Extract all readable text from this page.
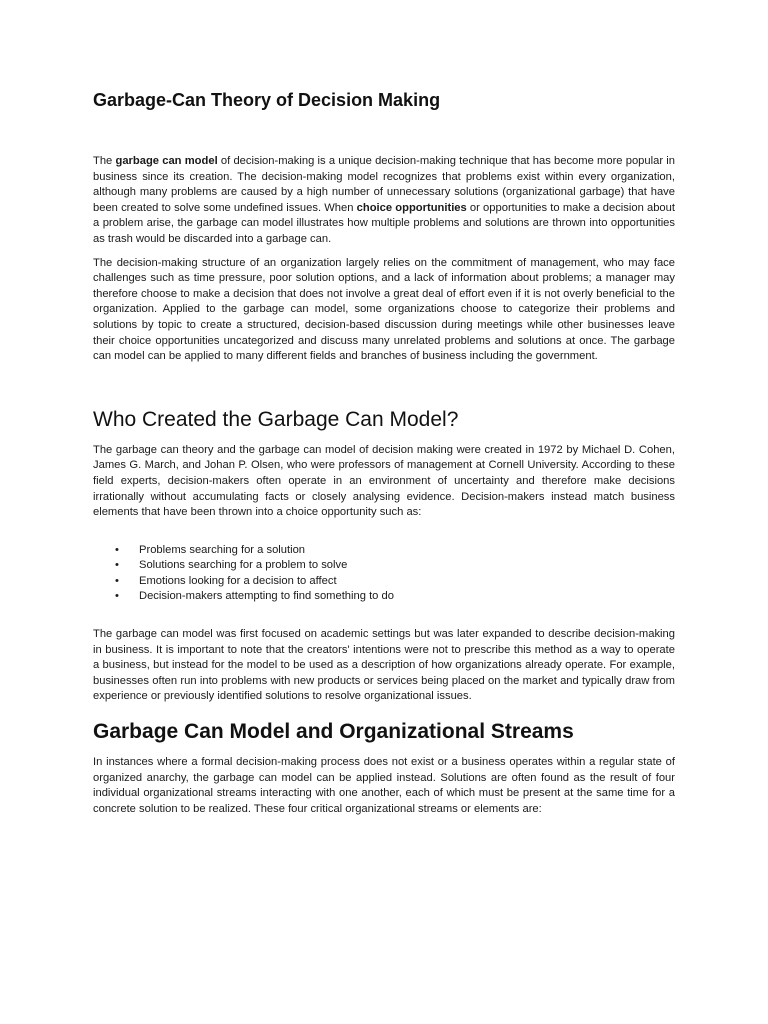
Garbage-Can Theory of Decision Making

The garbage can model of decision-making is a unique decision-making technique that has become more popular in business since its creation. The decision-making model recognizes that problems exist within every organization, although many problems are caused by a high number of unnecessary solutions (organizational garbage) that have been created to solve some undefined issues. When choice opportunities or opportunities to make a decision about a problem arise, the garbage can model illustrates how multiple problems and solutions are thrown into opportunities as trash would be discarded into a garbage can.

The decision-making structure of an organization largely relies on the commitment of management, who may face challenges such as time pressure, poor solution options, and a lack of information about problems; a manager may therefore choose to make a decision that does not involve a great deal of effort even if it is not overly beneficial to the organization. Applied to the garbage can model, some organizations choose to categorize their problems and solutions by topic to create a structured, decision-based discussion during meetings while other businesses leave their choice opportunities uncategorized and discuss many unrelated problems and solutions at once. The garbage can model can be applied to many different fields and branches of business including the government.

Who Created the Garbage Can Model?

The garbage can theory and the garbage can model of decision making were created in 1972 by Michael D. Cohen, James G. March, and Johan P. Olsen, who were professors of management at Cornell University. According to these field experts, decision-makers often operate in an environment of uncertainty and therefore make decisions irrationally without accumulating facts or closely analysing evidence. Decision-makers instead match business elements that have been thrown into a choice opportunity such as:

• Problems searching for a solution
• Solutions searching for a problem to solve
• Emotions looking for a decision to affect
• Decision-makers attempting to find something to do

The garbage can model was first focused on academic settings but was later expanded to describe decision-making in business. It is important to note that the creators' intentions were not to prescribe this method as a way to operate a business, but instead for the model to be used as a description of how organizations already operate. For example, businesses often run into problems with new products or services being placed on the market and typically draw from experience or previously identified solutions to resolve organizational issues.

Garbage Can Model and Organizational Streams

In instances where a formal decision-making process does not exist or a business operates within a regular state of organized anarchy, the garbage can model can be applied instead. Solutions are often found as the result of four individual organizational streams interacting with one another, each of which must be present at the same time for a concrete solution to be realized. These four critical organizational streams or elements are:
